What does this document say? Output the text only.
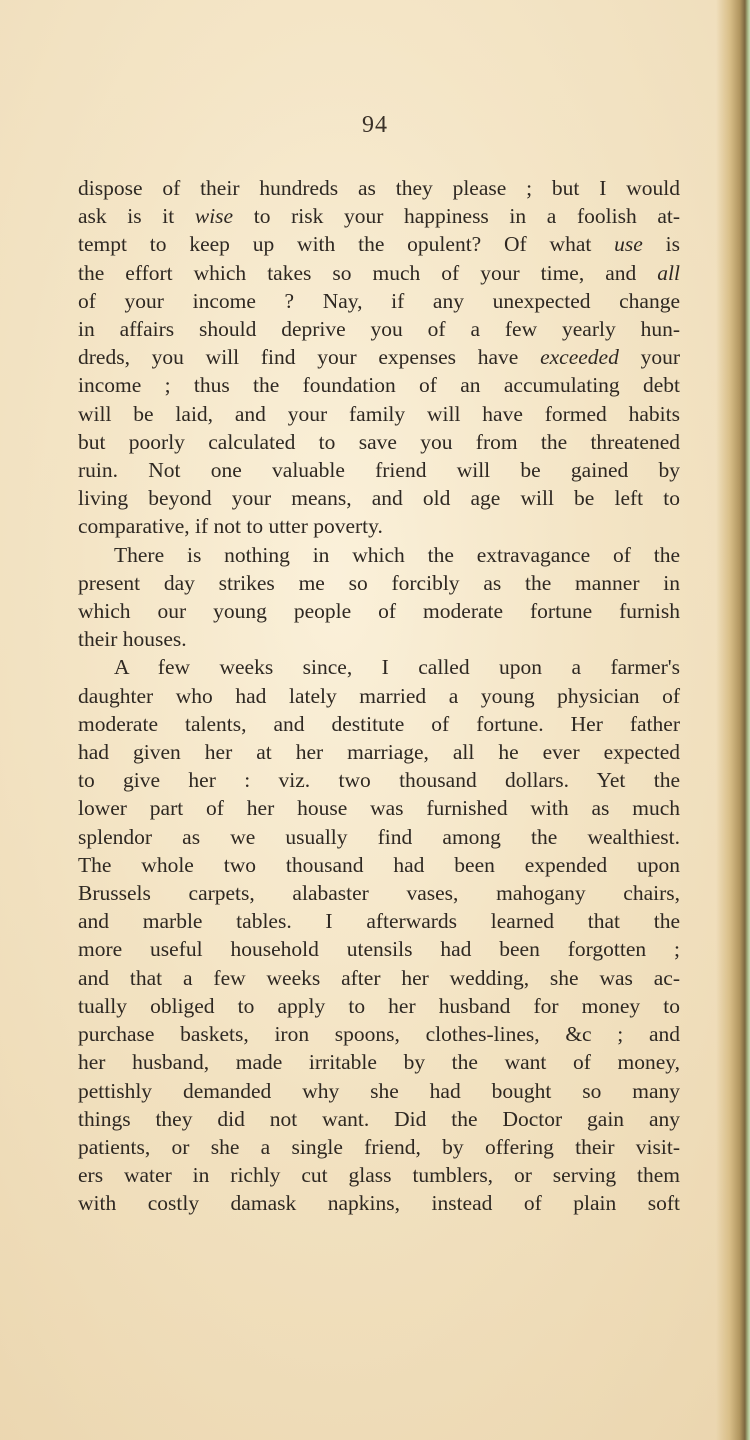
94
dispose of their hundreds as they please ; but I would
ask is it wise to risk your happiness in a foolish at-
tempt to keep up with the opulent? Of what use is
the effort which takes so much of your time, and all
of your income ? Nay, if any unexpected change
in affairs should deprive you of a few yearly hun-
dreds, you will find your expenses have exceeded your
income ; thus the foundation of an accumulating debt
will be laid, and your family will have formed habits
but poorly calculated to save you from the threatened
ruin. Not one valuable friend will be gained by
living beyond your means, and old age will be left to
comparative, if not to utter poverty.
There is nothing in which the extravagance of the
present day strikes me so forcibly as the manner in
which our young people of moderate fortune furnish
their houses.
A few weeks since, I called upon a farmer's
daughter who had lately married a young physician of
moderate talents, and destitute of fortune. Her father
had given her at her marriage, all he ever expected
to give her : viz. two thousand dollars. Yet the
lower part of her house was furnished with as much
splendor as we usually find among the wealthiest.
The whole two thousand had been expended upon
Brussels carpets, alabaster vases, mahogany chairs,
and marble tables. I afterwards learned that the
more useful household utensils had been forgotten ;
and that a few weeks after her wedding, she was ac-
tually obliged to apply to her husband for money to
purchase baskets, iron spoons, clothes-lines, &c ; and
her husband, made irritable by the want of money,
pettishly demanded why she had bought so many
things they did not want. Did the Doctor gain any
patients, or she a single friend, by offering their visit-
ers water in richly cut glass tumblers, or serving them
with costly damask napkins, instead of plain soft
